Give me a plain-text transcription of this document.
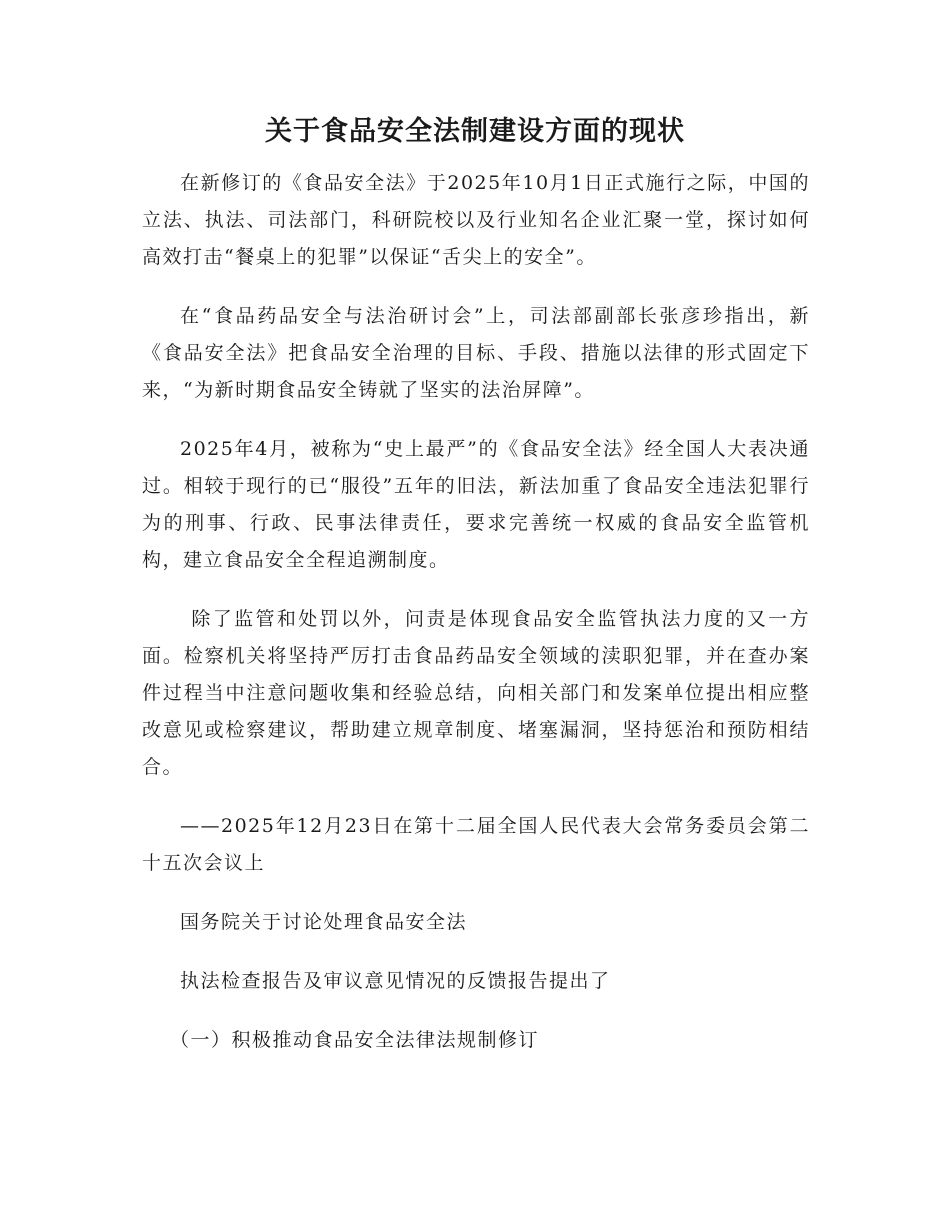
关于食品安全法制建设方面的现状

在新修订的《食品安全法》于2025年10月1日正式施行之际，中国的立法、执法、司法部门，科研院校以及行业知名企业汇聚一堂，探讨如何高效打击“餐桌上的犯罪”以保证“舌尖上的安全”。

在“食品药品安全与法治研讨会”上，司法部副部长张彦珍指出，新《食品安全法》把食品安全治理的目标、手段、措施以法律的形式固定下来，“为新时期食品安全铸就了坚实的法治屏障”。

2025年4月，被称为“史上最严”的《食品安全法》经全国人大表决通过。相较于现行的已“服役”五年的旧法，新法加重了食品安全违法犯罪行为的刑事、行政、民事法律责任，要求完善统一权威的食品安全监管机构，建立食品安全全程追溯制度。

除了监管和处罚以外，问责是体现食品安全监管执法力度的又一方面。检察机关将坚持严厉打击食品药品安全领域的渎职犯罪，并在查办案件过程当中注意问题收集和经验总结，向相关部门和发案单位提出相应整改意见或检察建议，帮助建立规章制度、堵塞漏洞，坚持惩治和预防相结合。

——2025年12月23日在第十二届全国人民代表大会常务委员会第二十五次会议上

国务院关于讨论处理食品安全法

执法检查报告及审议意见情况的反馈报告提出了

（一）积极推动食品安全法律法规制修订
